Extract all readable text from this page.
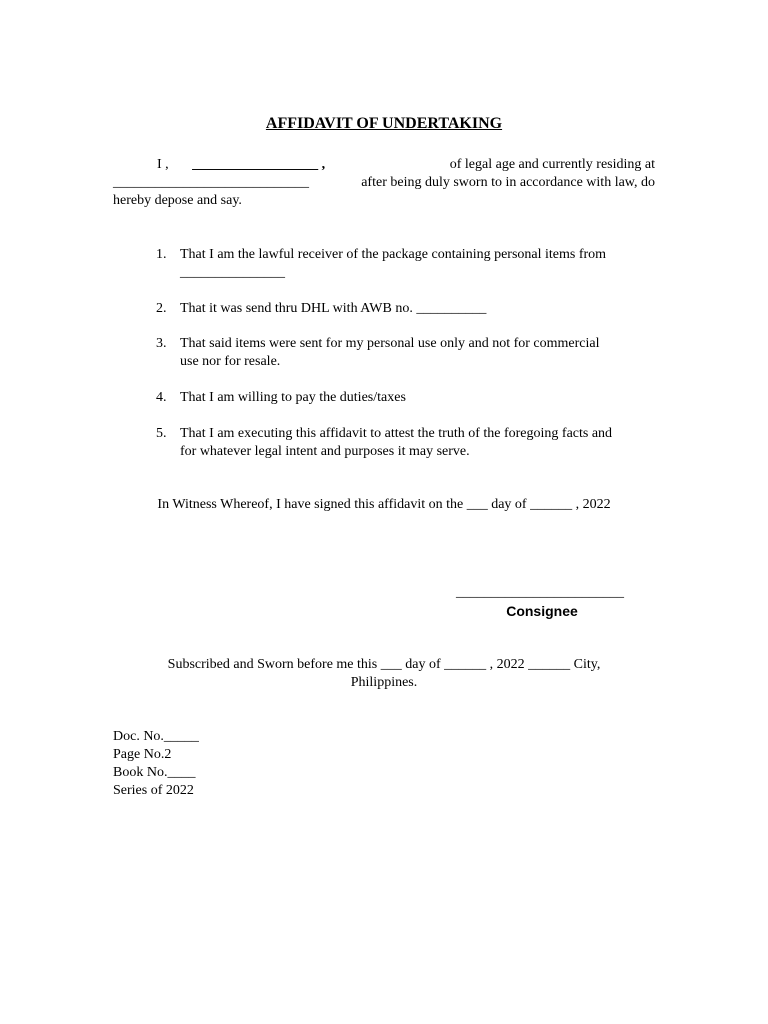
AFFIDAVIT OF UNDERTAKING
I , __________________ ,	of legal age and currently residing at
____________________________	after being duly sworn to in accordance with law, do
hereby depose and say.
1. That I am the lawful receiver of the package containing personal items from
_______________
2. That it was send thru DHL with AWB no. __________
3. That said items were sent for my personal use only and not for commercial
use nor for resale.
4. That I am willing to pay the duties/taxes
5. That I am executing this affidavit to attest the truth of the foregoing facts and
for whatever legal intent and purposes it may serve.
In Witness Whereof, I have signed this affidavit on the ___ day of ______ , 2022
________________________
Consignee
Subscribed and Sworn before me this ___ day of ______ , 2022 ______ City,
Philippines.
Doc. No._____
Page No.2
Book No.____
Series of 2022
